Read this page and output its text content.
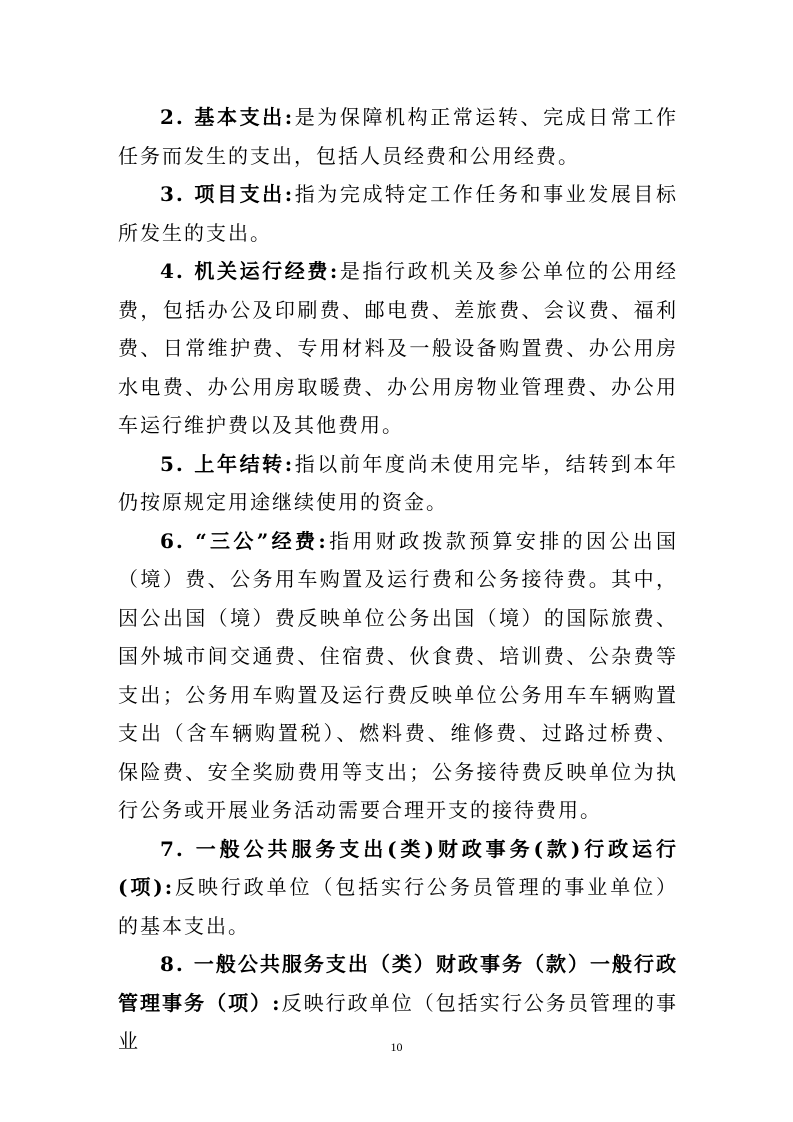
2. 基本支出:是为保障机构正常运转、完成日常工作任务而发生的支出，包括人员经费和公用经费。

3. 项目支出:指为完成特定工作任务和事业发展目标所发生的支出。

4. 机关运行经费:是指行政机关及参公单位的公用经费，包括办公及印刷费、邮电费、差旅费、会议费、福利费、日常维护费、专用材料及一般设备购置费、办公用房水电费、办公用房取暖费、办公用房物业管理费、办公用车运行维护费以及其他费用。

5. 上年结转:指以前年度尚未使用完毕，结转到本年仍按原规定用途继续使用的资金。

6. “三公”经费:指用财政拨款预算安排的因公出国（境）费、公务用车购置及运行费和公务接待费。其中，因公出国（境）费反映单位公务出国（境）的国际旅费、国外城市间交通费、住宿费、伙食费、培训费、公杂费等支出；公务用车购置及运行费反映单位公务用车车辆购置支出（含车辆购置税）、燃料费、维修费、过路过桥费、保险费、安全奖励费用等支出；公务接待费反映单位为执行公务或开展业务活动需要合理开支的接待费用。

7. 一般公共服务支出(类)财政事务(款)行政运行(项):反映行政单位（包括实行公务员管理的事业单位）的基本支出。

8. 一般公共服务支出（类）财政事务（款）一般行政管理事务（项）:反映行政单位（包括实行公务员管理的事业	10
